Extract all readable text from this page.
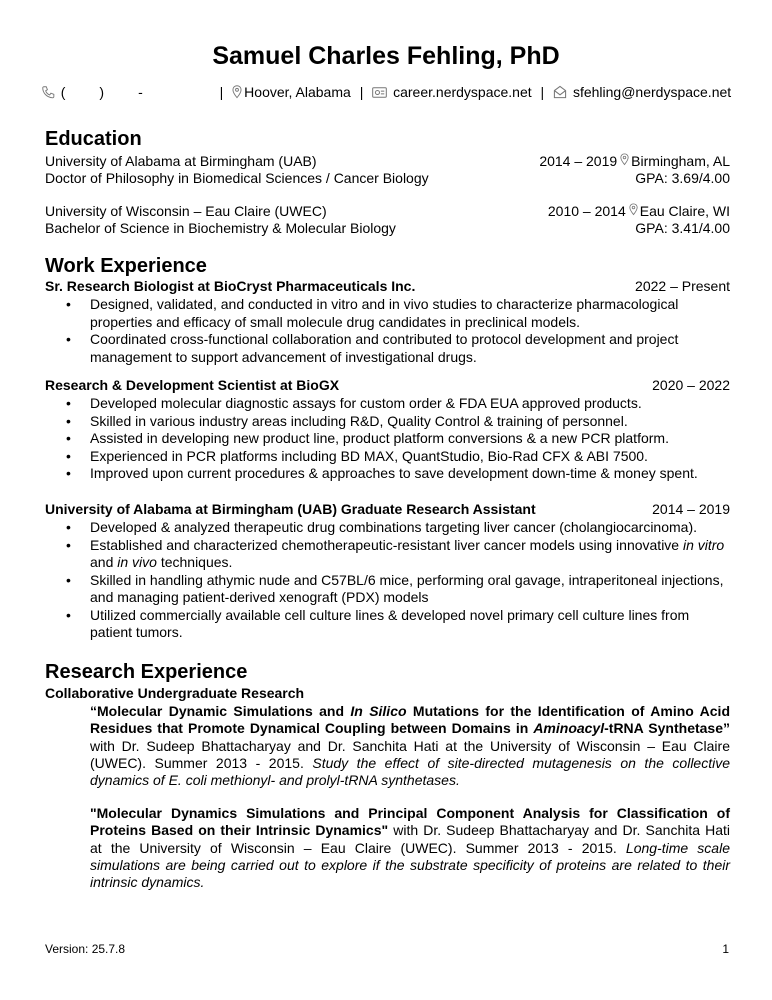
Samuel Charles Fehling, PhD
( ) -	| Hoover, Alabama | career.nerdyspace.net | sfehling@nerdyspace.net
Education
University of Alabama at Birmingham (UAB)	2014 – 2019 Birmingham, AL
Doctor of Philosophy in Biomedical Sciences / Cancer Biology	GPA: 3.69/4.00
University of Wisconsin – Eau Claire (UWEC)	2010 – 2014 Eau Claire, WI
Bachelor of Science in Biochemistry & Molecular Biology	GPA: 3.41/4.00
Work Experience
Sr. Research Biologist at BioCryst Pharmaceuticals Inc.	2022 – Present
• Designed, validated, and conducted in vitro and in vivo studies to characterize pharmacological properties and efficacy of small molecule drug candidates in preclinical models.
• Coordinated cross-functional collaboration and contributed to protocol development and project management to support advancement of investigational drugs.
Research & Development Scientist at BioGX	2020 – 2022
• Developed molecular diagnostic assays for custom order & FDA EUA approved products.
• Skilled in various industry areas including R&D, Quality Control & training of personnel.
• Assisted in developing new product line, product platform conversions & a new PCR platform.
• Experienced in PCR platforms including BD MAX, QuantStudio, Bio-Rad CFX & ABI 7500.
• Improved upon current procedures & approaches to save development down-time & money spent.
University of Alabama at Birmingham (UAB) Graduate Research Assistant	2014 – 2019
• Developed & analyzed therapeutic drug combinations targeting liver cancer (cholangiocarcinoma).
• Established and characterized chemotherapeutic-resistant liver cancer models using innovative in vitro and in vivo techniques.
• Skilled in handling athymic nude and C57BL/6 mice, performing oral gavage, intraperitoneal injections, and managing patient-derived xenograft (PDX) models
• Utilized commercially available cell culture lines & developed novel primary cell culture lines from patient tumors.
Research Experience
Collaborative Undergraduate Research
“Molecular Dynamic Simulations and In Silico Mutations for the Identification of Amino Acid Residues that Promote Dynamical Coupling between Domains in Aminoacyl-tRNA Synthetase” with Dr. Sudeep Bhattacharyay and Dr. Sanchita Hati at the University of Wisconsin – Eau Claire (UWEC). Summer 2013 - 2015. Study the effect of site-directed mutagenesis on the collective dynamics of E. coli methionyl- and prolyl-tRNA synthetases.
"Molecular Dynamics Simulations and Principal Component Analysis for Classification of Proteins Based on their Intrinsic Dynamics" with Dr. Sudeep Bhattacharyay and Dr. Sanchita Hati at the University of Wisconsin – Eau Claire (UWEC). Summer 2013 - 2015. Long-time scale simulations are being carried out to explore if the substrate specificity of proteins are related to their intrinsic dynamics.
Version: 25.7.8	1
